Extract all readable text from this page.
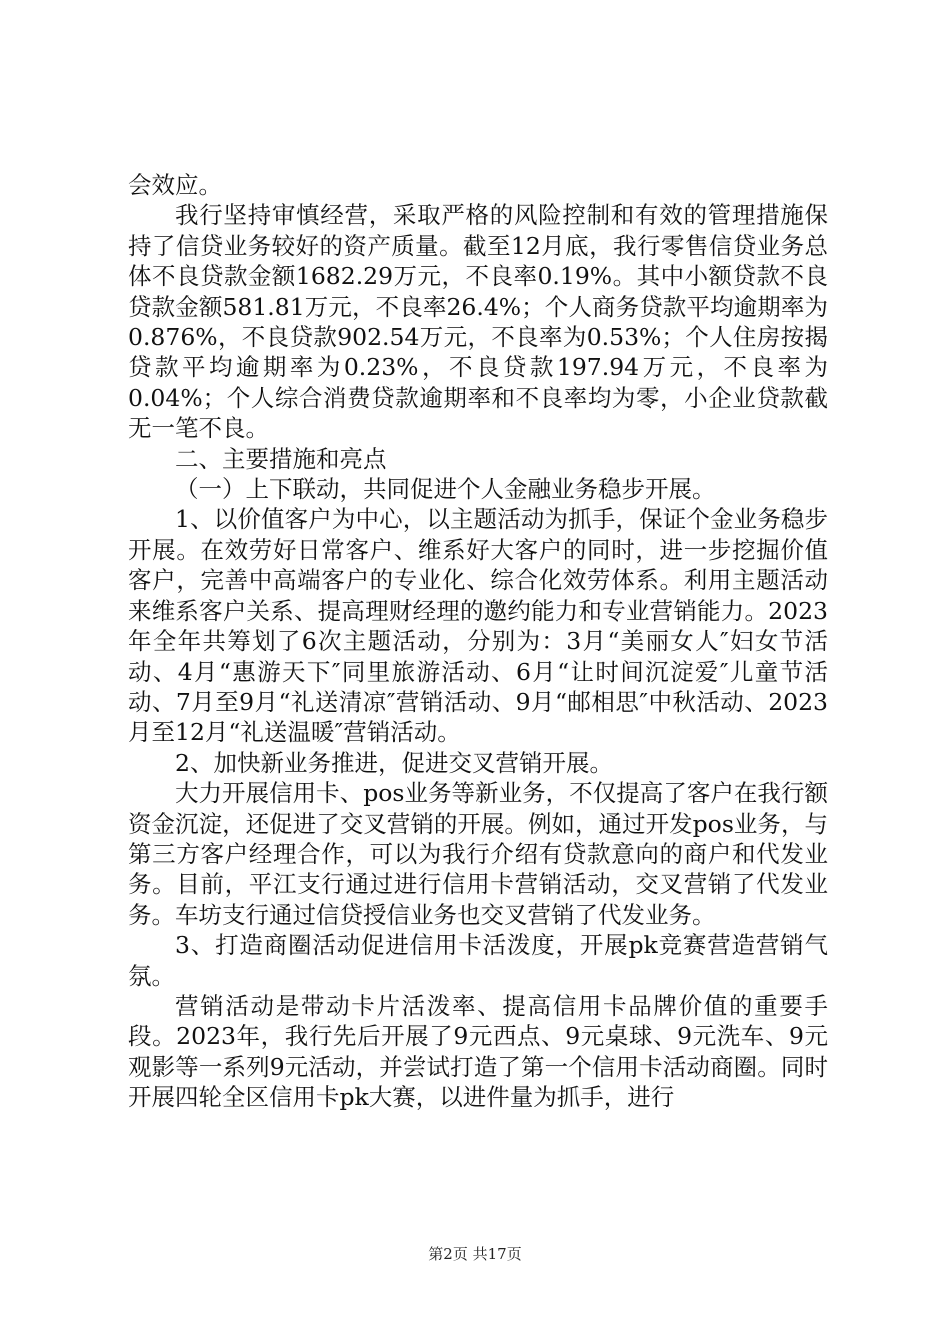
会效应。

我行坚持审慎经营，采取严格的风险控制和有效的管理措施保持了信贷业务较好的资产质量。截至12月底，我行零售信贷业务总体不良贷款金额1682.29万元，不良率0.19%。其中小额贷款不良贷款金额581.81万元，不良率26.4%；个人商务贷款平均逾期率为0.876%，不良贷款902.54万元，不良率为0.53%；个人住房按揭贷款平均逾期率为0.23%，不良贷款197.94万元，不良率为0.04%；个人综合消费贷款逾期率和不良率均为零，小企业贷款截无一笔不良。

二、主要措施和亮点

（一）上下联动，共同促进个人金融业务稳步开展。

1、以价值客户为中心，以主题活动为抓手，保证个金业务稳步开展。在效劳好日常客户、维系好大客户的同时，进一步挖掘价值客户，完善中高端客户的专业化、综合化效劳体系。利用主题活动来维系客户关系、提高理财经理的邀约能力和专业营销能力。2023年全年共筹划了6次主题活动，分别为：3月“美丽女人″妇女节活动、4月“惠游天下″同里旅游活动、6月“让时间沉淀爱″儿童节活动、7月至9月“礼送清凉″营销活动、9月“邮相思″中秋活动、2023月至12月“礼送温暖″营销活动。

2、加快新业务推进，促进交叉营销开展。

大力开展信用卡、pos业务等新业务，不仅提高了客户在我行额资金沉淀，还促进了交叉营销的开展。例如，通过开发pos业务，与第三方客户经理合作，可以为我行介绍有贷款意向的商户和代发业务。目前，平江支行通过进行信用卡营销活动，交叉营销了代发业务。车坊支行通过信贷授信业务也交叉营销了代发业务。

3、打造商圈活动促进信用卡活泼度，开展pk竞赛营造营销气氛。

营销活动是带动卡片活泼率、提高信用卡品牌价值的重要手段。2023年，我行先后开展了9元西点、9元桌球、9元洗车、9元观影等一系列9元活动，并尝试打造了第一个信用卡活动商圈。同时开展四轮全区信用卡pk大赛，以进件量为抓手，进行

第2页 共17页
